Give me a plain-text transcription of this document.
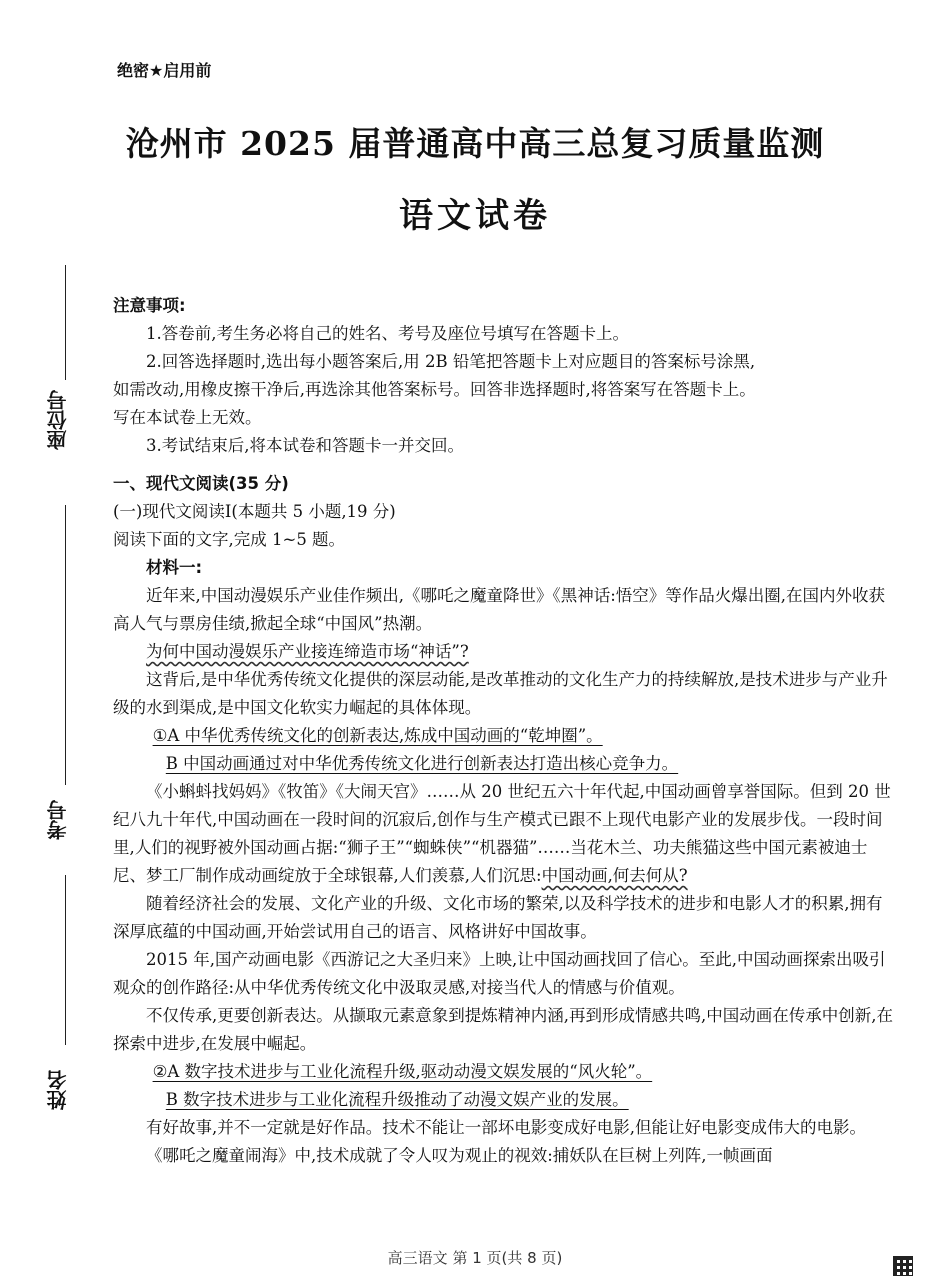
绝密★启用前
沧州市 2025 届普通高中高三总复习质量监测
语文试卷
座位号
考号
姓名

注意事项:

1.答卷前,考生务必将自己的姓名、考号及座位号填写在答题卡上。

2.回答选择题时,选出每小题答案后,用 2B 铅笔把答题卡上对应题目的答案标号涂黑,

如需改动,用橡皮擦干净后,再选涂其他答案标号。回答非选择题时,将答案写在答题卡上。

写在本试卷上无效。

3.考试结束后,将本试卷和答题卡一并交回。

一、现代文阅读(35 分)

(一)现代文阅读Ⅰ(本题共 5 小题,19 分)

阅读下面的文字,完成 1~5 题。

材料一:

近年来,中国动漫娱乐产业佳作频出,《哪吒之魔童降世》《黑神话:悟空》等作品火爆出圈,在国内外收获高人气与票房佳绩,掀起全球“中国风”热潮。

为何中国动漫娱乐产业接连缔造市场“神话”?

这背后,是中华优秀传统文化提供的深层动能,是改革推动的文化生产力的持续解放,是技术进步与产业升级的水到渠成,是中国文化软实力崛起的具体体现。

①A 中华优秀传统文化的创新表达,炼成中国动画的“乾坤圈”。

B 中国动画通过对中华优秀传统文化进行创新表达打造出核心竞争力。

《小蝌蚪找妈妈》《牧笛》《大闹天宫》……从 20 世纪五六十年代起,中国动画曾享誉国际。但到 20 世纪八九十年代,中国动画在一段时间的沉寂后,创作与生产模式已跟不上现代电影产业的发展步伐。一段时间里,人们的视野被外国动画占据:“狮子王”“蜘蛛侠”“机器猫”……当花木兰、功夫熊猫这些中国元素被迪士尼、梦工厂制作成动画绽放于全球银幕,人们羡慕,人们沉思:中国动画,何去何从?

随着经济社会的发展、文化产业的升级、文化市场的繁荣,以及科学技术的进步和电影人才的积累,拥有深厚底蕴的中国动画,开始尝试用自己的语言、风格讲好中国故事。

2015 年,国产动画电影《西游记之大圣归来》上映,让中国动画找回了信心。至此,中国动画探索出吸引观众的创作路径:从中华优秀传统文化中汲取灵感,对接当代人的情感与价值观。

不仅传承,更要创新表达。从撷取元素意象到提炼精神内涵,再到形成情感共鸣,中国动画在传承中创新,在探索中进步,在发展中崛起。

②A 数字技术进步与工业化流程升级,驱动动漫文娱发展的“风火轮”。

B 数字技术进步与工业化流程升级推动了动漫文娱产业的发展。

有好故事,并不一定就是好作品。技术不能让一部坏电影变成好电影,但能让好电影变成伟大的电影。

《哪吒之魔童闹海》中,技术成就了令人叹为观止的视效:捕妖队在巨树上列阵,一帧画面

高三语文 第 1 页(共 8 页)
